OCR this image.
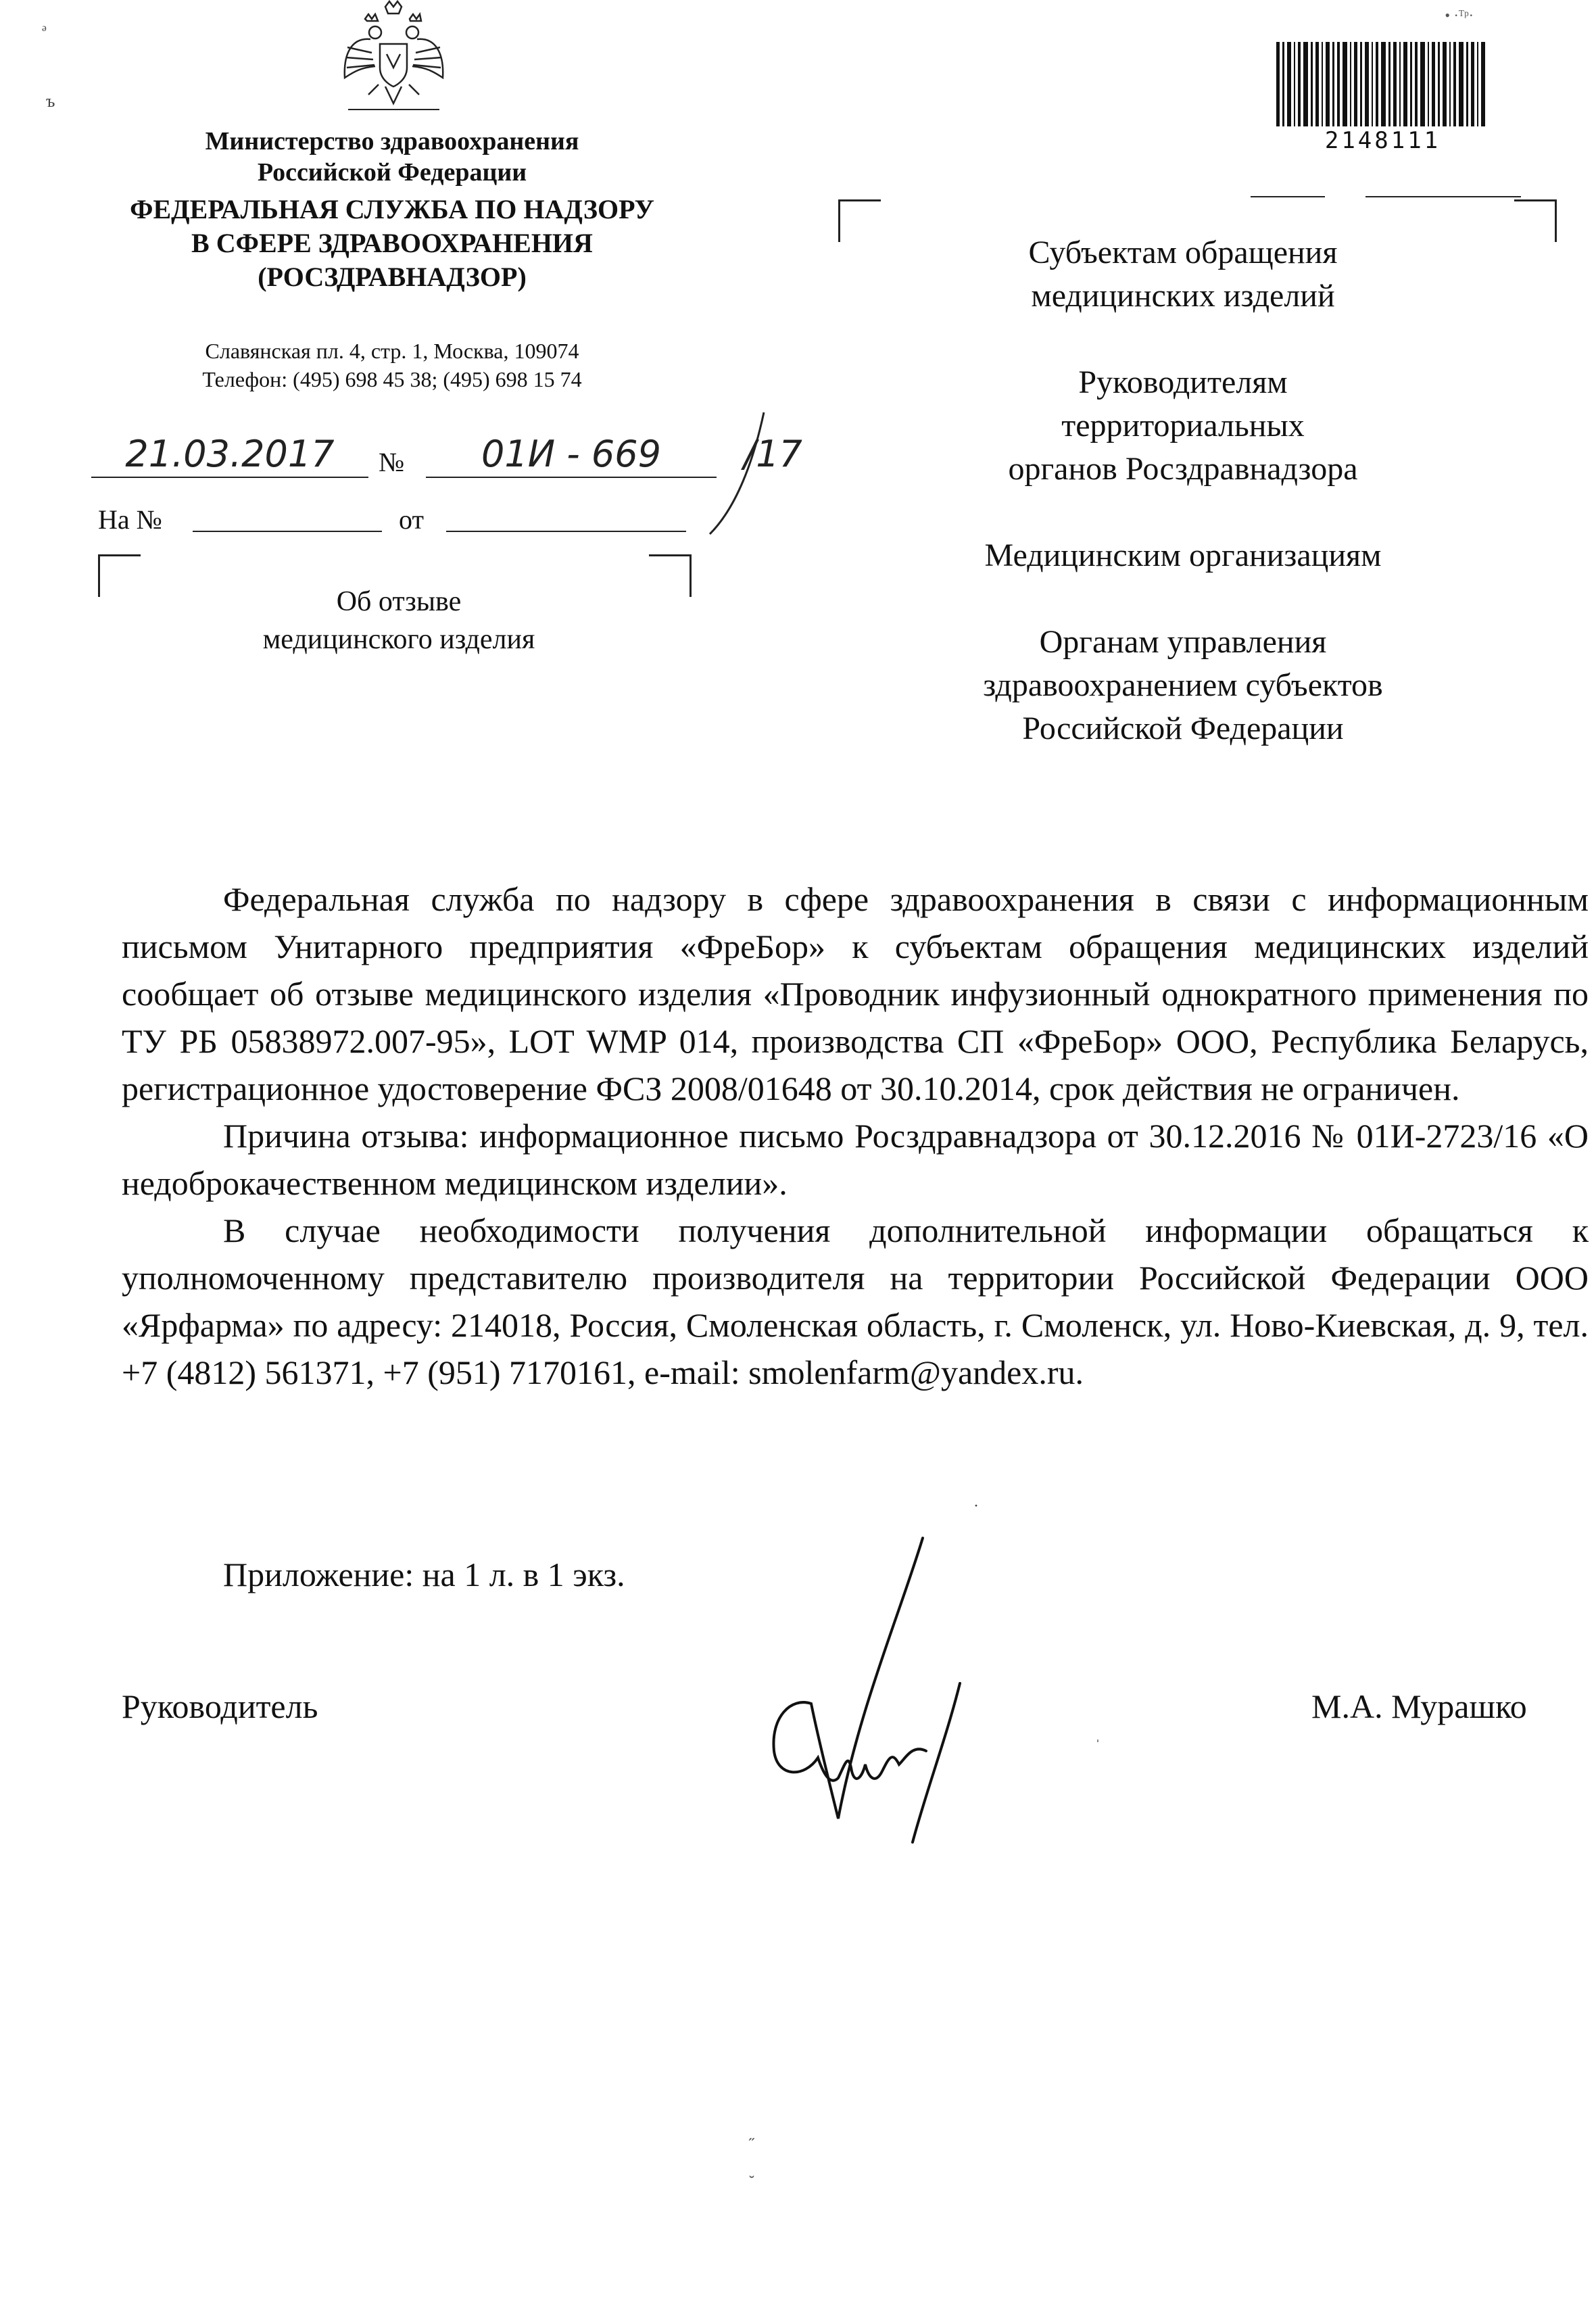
ᵊ
ъ
Министерство здравоохранения
Российской Федерации
ФЕДЕРАЛЬНАЯ СЛУЖБА ПО НАДЗОРУ
В СФЕРЕ ЗДРАВООХРАНЕНИЯ
(РОСЗДРАВНАДЗОР)
Славянская пл. 4, стр. 1, Москва, 109074
Телефон: (495) 698 45 38; (495) 698 15 74
21.03.2017	№	01И - 669	/17
На №	от
Об отзыве
медицинского изделия
• ·ᵀᵖ·
2148111

Субъектам обращения
медицинских изделий

Руководителям
территориальных
органов Росздравнадзора

Медицинским организациям

Органам управления
здравоохранением субъектов
Российской Федерации

Федеральная служба по надзору в сфере здравоохранения в связи с информационным письмом Унитарного предприятия «ФреБор» к субъектам обращения медицинских изделий сообщает об отзыве медицинского изделия «Проводник инфузионный однократного применения по ТУ РБ 05838972.007-95», LOT WMP 014, производства СП «ФреБор» ООО, Республика Беларусь, регистрационное удостоверение ФСЗ 2008/01648 от 30.10.2014, срок действия не ограничен.

Причина отзыва: информационное письмо Росздравнадзора от 30.12.2016 № 01И-2723/16 «О недоброкачественном медицинском изделии».

В случае необходимости получения дополнительной информации обращаться к уполномоченному представителю производителя на территории Российской Федерации ООО «Ярфарма» по адресу: 214018, Россия, Смоленская область, г. Смоленск, ул. Ново-Киевская, д. 9, тел. +7 (4812) 561371, +7 (951) 7170161, e-mail: smolenfarm@yandex.ru.

·
Приложение: на 1 л. в 1 экз.
Руководитель	М.А. Мурашко
ˈ
˝
˘
